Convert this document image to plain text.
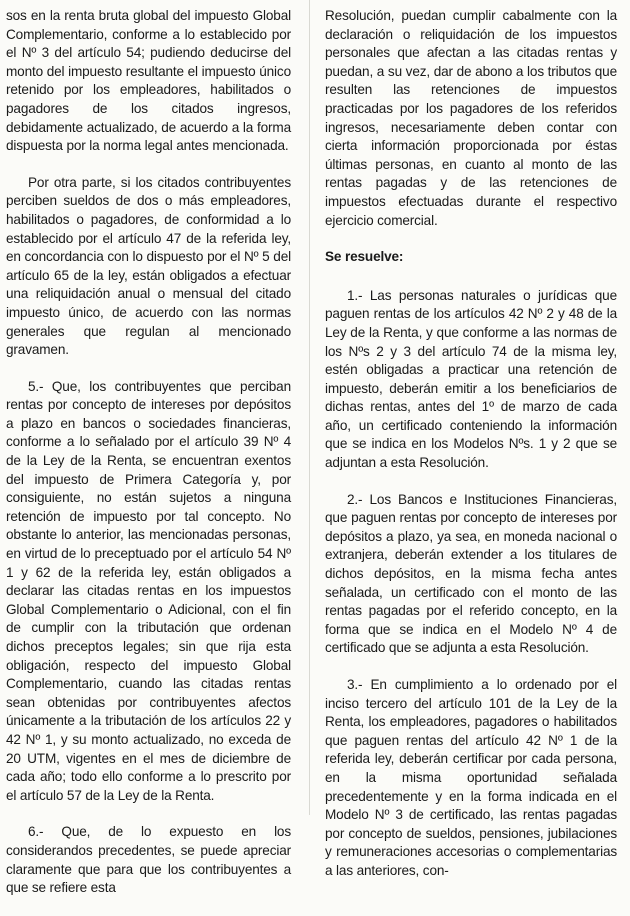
sos en la renta bruta global del impuesto Global Complementario, conforme a lo establecido por el Nº 3 del artículo 54; pudiendo deducirse del monto del impuesto resultante el impuesto único retenido por los empleadores, habilitados o pagadores de los citados ingresos, debidamente actualizado, de acuerdo a la forma dispuesta por la norma legal antes mencionada.

Por otra parte, si los citados contribuyentes perciben sueldos de dos o más empleadores, habilitados o pagadores, de conformidad a lo establecido por el artículo 47 de la referida ley, en concordancia con lo dispuesto por el Nº 5 del artículo 65 de la ley, están obligados a efectuar una reliquidación anual o mensual del citado impuesto único, de acuerdo con las normas generales que regulan al mencionado gravamen.

5.- Que, los contribuyentes que perciban rentas por concepto de intereses por depósitos a plazo en bancos o sociedades financieras, conforme a lo señalado por el artículo 39 Nº 4 de la Ley de la Renta, se encuentran exentos del impuesto de Primera Categoría y, por consiguiente, no están sujetos a ninguna retención de impuesto por tal concepto. No obstante lo anterior, las mencionadas personas, en virtud de lo preceptuado por el artículo 54 Nº 1 y 62 de la referida ley, están obligados a declarar las citadas rentas en los impuestos Global Complementario o Adicional, con el fin de cumplir con la tributación que ordenan dichos preceptos legales; sin que rija esta obligación, respecto del impuesto Global Complementario, cuando las citadas rentas sean obtenidas por contribuyentes afectos únicamente a la tributación de los artículos 22 y 42 Nº 1, y su monto actualizado, no exceda de 20 UTM, vigentes en el mes de diciembre de cada año; todo ello conforme a lo prescrito por el artículo 57 de la Ley de la Renta.

6.- Que, de lo expuesto en los considerandos precedentes, se puede apreciar claramente que para que los contribuyentes a que se refiere esta

Resolución, puedan cumplir cabalmente con la declaración o reliquidación de los impuestos personales que afectan a las citadas rentas y puedan, a su vez, dar de abono a los tributos que resulten las retenciones de impuestos practicadas por los pagadores de los referidos ingresos, necesariamente deben contar con cierta información proporcionada por éstas últimas personas, en cuanto al monto de las rentas pagadas y de las retenciones de impuestos efectuadas durante el respectivo ejercicio comercial.

Se resuelve:

1.- Las personas naturales o jurídicas que paguen rentas de los artículos 42 Nº 2 y 48 de la Ley de la Renta, y que conforme a las normas de los Nºs 2 y 3 del artículo 74 de la misma ley, estén obligadas a practicar una retención de impuesto, deberán emitir a los beneficiarios de dichas rentas, antes del 1º de marzo de cada año, un certificado conteniendo la información que se indica en los Modelos Nºs. 1 y 2 que se adjuntan a esta Resolución.

2.- Los Bancos e Instituciones Financieras, que paguen rentas por concepto de intereses por depósitos a plazo, ya sea, en moneda nacional o extranjera, deberán extender a los titulares de dichos depósitos, en la misma fecha antes señalada, un certificado con el monto de las rentas pagadas por el referido concepto, en la forma que se indica en el Modelo Nº 4 de certificado que se adjunta a esta Resolución.

3.- En cumplimiento a lo ordenado por el inciso tercero del artículo 101 de la Ley de la Renta, los empleadores, pagadores o habilitados que paguen rentas del artículo 42 Nº 1 de la referida ley, deberán certificar por cada persona, en la misma oportunidad señalada precedentemente y en la forma indicada en el Modelo Nº 3 de certificado, las rentas pagadas por concepto de sueldos, pensiones, jubilaciones y remuneraciones accesorias o complementarias a las anteriores, con-
